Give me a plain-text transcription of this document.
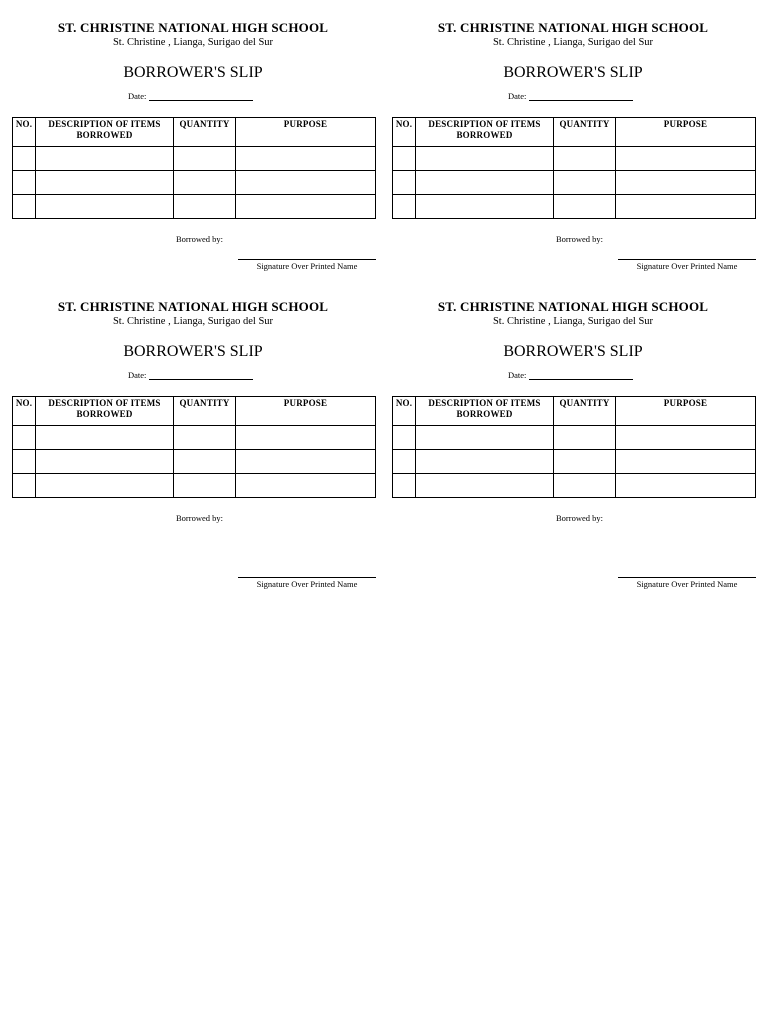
ST. CHRISTINE NATIONAL HIGH SCHOOL
St. Christine , Lianga, Surigao del Sur
BORROWER'S SLIP
Date:
NO.	DESCRIPTION OF ITEMS BORROWED	QUANTITY	PURPOSE

Borrowed by:
Signature Over Printed Name
ST. CHRISTINE NATIONAL HIGH SCHOOL
St. Christine , Lianga, Surigao del Sur
BORROWER'S SLIP
Date:
NO.	DESCRIPTION OF ITEMS BORROWED	QUANTITY	PURPOSE

Borrowed by:
Signature Over Printed Name
ST. CHRISTINE NATIONAL HIGH SCHOOL
St. Christine , Lianga, Surigao del Sur
BORROWER'S SLIP
Date:
NO.	DESCRIPTION OF ITEMS BORROWED	QUANTITY	PURPOSE

Borrowed by:
Signature Over Printed Name
ST. CHRISTINE NATIONAL HIGH SCHOOL
St. Christine , Lianga, Surigao del Sur
BORROWER'S SLIP
Date:
NO.	DESCRIPTION OF ITEMS BORROWED	QUANTITY	PURPOSE

Borrowed by:
Signature Over Printed Name
